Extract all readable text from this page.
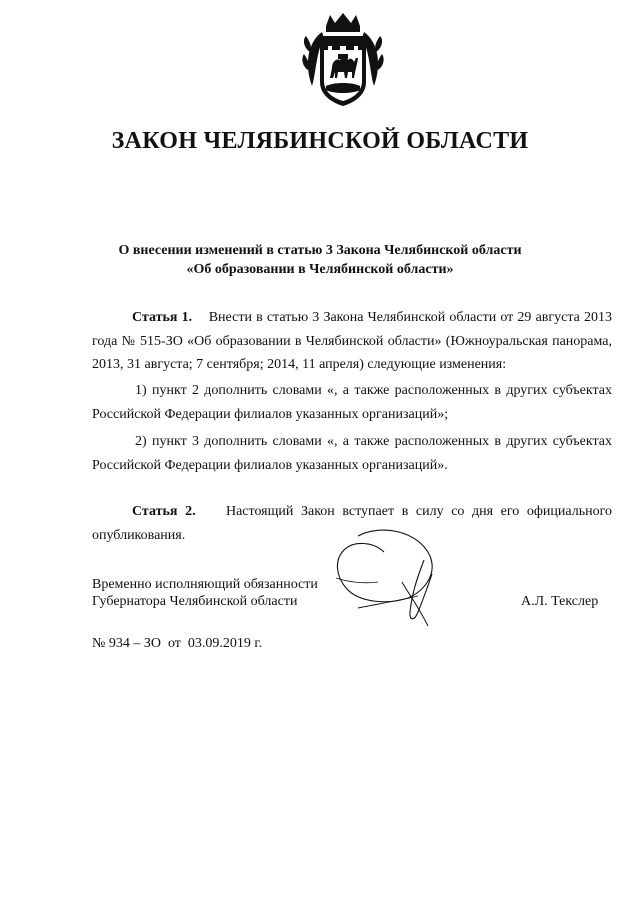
ЗАКОН ЧЕЛЯБИНСКОЙ ОБЛАСТИ
О внесении изменений в статью 3 Закона Челябинской области
«Об образовании в Челябинской области»
Статья 1. Внести в статью 3 Закона Челябинской области от 29 августа 2013 года № 515-ЗО «Об образовании в Челябинской области» (Южноуральская панорама, 2013, 31 августа; 7 сентября; 2014, 11 апреля) следующие изменения:
1) пункт 2 дополнить словами «, а также расположенных в других субъектах Российской Федерации филиалов указанных организаций»;
2) пункт 3 дополнить словами «, а также расположенных в других субъектах Российской Федерации филиалов указанных организаций».
Статья 2. Настоящий Закон вступает в силу со дня его официального опубликования.
Временно исполняющий обязанности
Губернатора Челябинской области	А.Л. Текслер
№ 934 – ЗО  от  03.09.2019 г.
